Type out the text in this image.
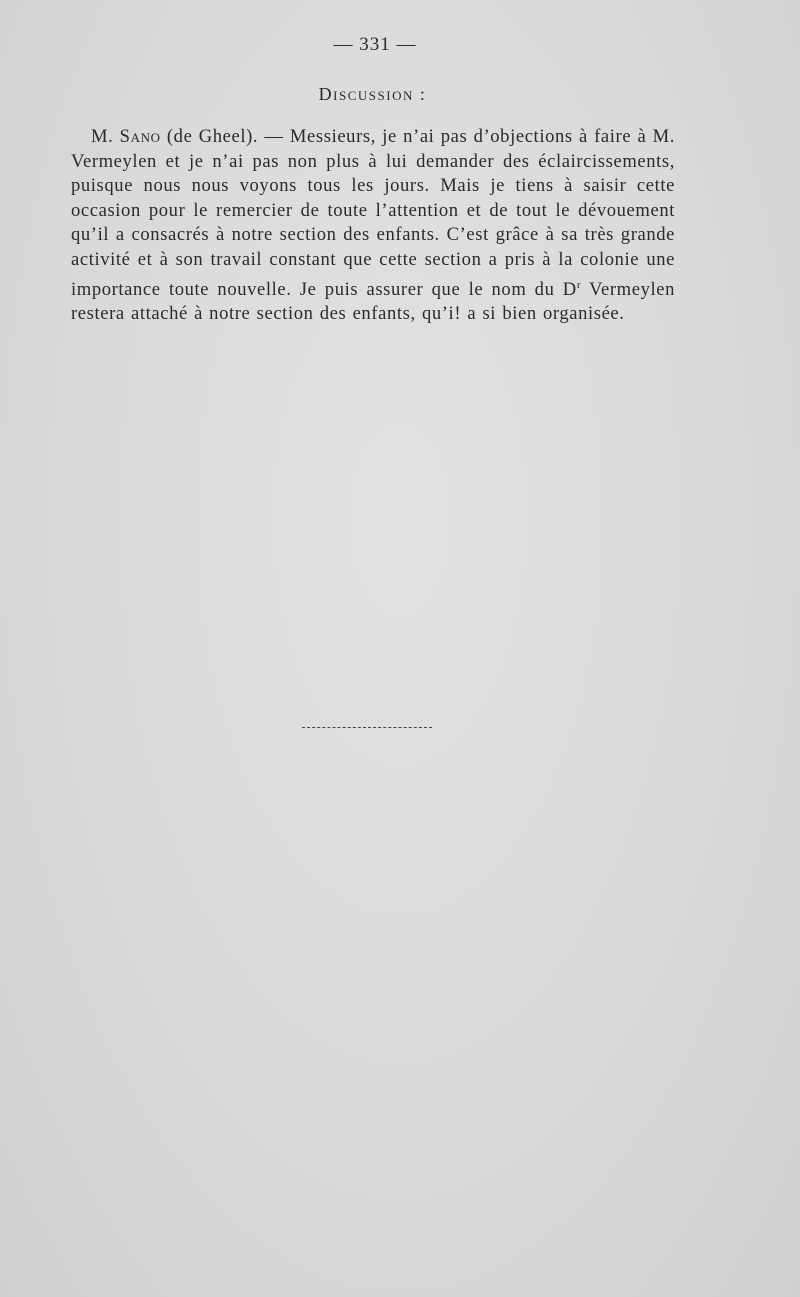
— 331 —
Discussion :

M. Sano (de Gheel). — Messieurs, je n’ai pas d’objections à faire à M. Vermeylen et je n’ai pas non plus à lui demander des éclaircissements, puisque nous nous voyons tous les jours. Mais je tiens à saisir cette occasion pour le remercier de toute l’attention et de tout le dévouement qu’il a consacrés à notre section des enfants. C’est grâce à sa très grande activité et à son travail constant que cette section a pris à la colonie une importance toute nouvelle. Je puis assurer que le nom du $D^r$ Vermeylen restera attaché à notre section des enfants, qu’i! a si bien organisée.
